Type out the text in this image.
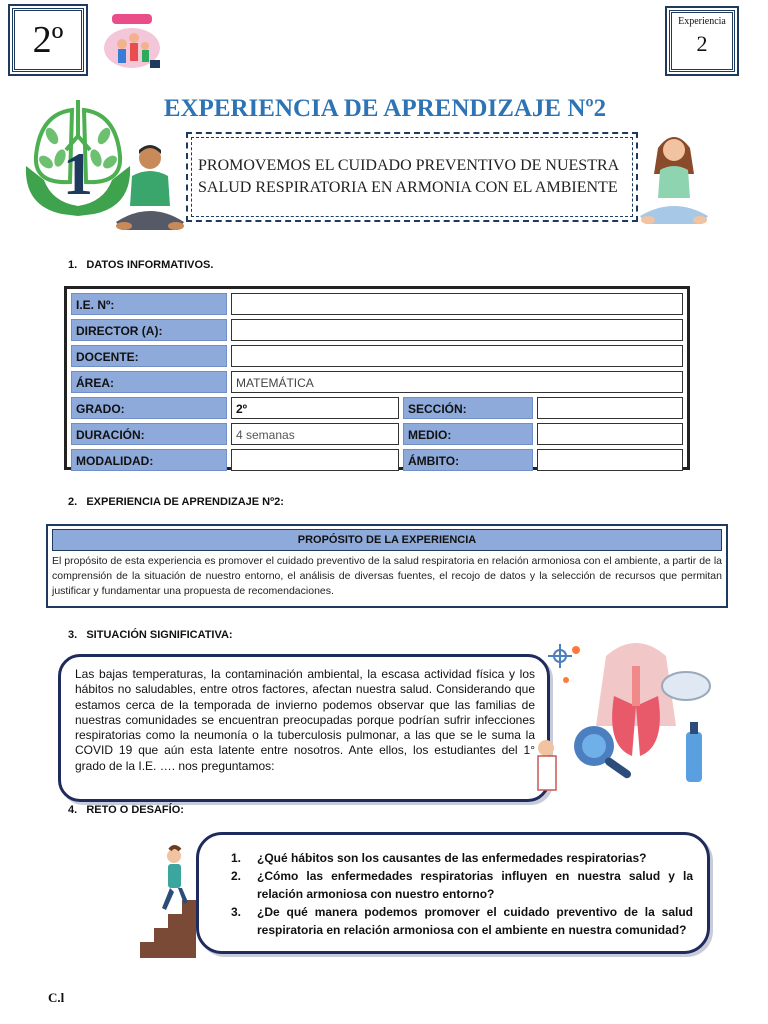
2º	Experiencia
2
1
EXPERIENCIA DE APRENDIZAJE Nº2
PROMOVEMOS EL CUIDADO PREVENTIVO DE NUESTRA
SALUD RESPIRATORIA EN ARMONIA CON EL AMBIENTE
1.   DATOS INFORMATIVOS.
I.E. Nº:
DIRECTOR (A):
DOCENTE:
ÁREA:	MATEMÁTICA
GRADO:	2º	SECCIÓN:
DURACIÓN:	4 semanas	MEDIO:
MODALIDAD:	ÁMBITO:
2.   EXPERIENCIA DE APRENDIZAJE Nº2:
PROPÓSITO DE LA EXPERIENCIA
El propósito de esta experiencia es promover el cuidado preventivo de la salud respiratoria en relación armoniosa con el ambiente, a partir de la comprensión de la situación de nuestro entorno, el análisis de diversas fuentes, el recojo de datos y la selección de recursos que permitan justificar y fundamentar una propuesta de recomendaciones.
3.   SITUACIÓN SIGNIFICATIVA:
Las bajas temperaturas, la contaminación ambiental, la escasa actividad física y los hábitos no saludables, entre otros factores, afectan nuestra salud. Considerando que estamos cerca de la temporada de invierno podemos observar que las familias de nuestras comunidades se encuentran preocupadas porque podrían sufrir infecciones respiratorias como la neumonía o la tuberculosis pulmonar, a las que se le suma la COVID 19 que aún esta latente entre nosotros. Ante ellos, los estudiantes del 1° grado de la I.E. …. nos preguntamos:
4.   RETO O DESAFÍO:
1. ¿Qué hábitos son los causantes de las enfermedades respiratorias?
2. ¿Cómo las enfermedades respiratorias influyen en nuestra salud y la relación armoniosa con nuestro entorno?
3. ¿De qué manera podemos promover el cuidado preventivo de la salud respiratoria en relación armoniosa con el ambiente en nuestra comunidad?
C.l
